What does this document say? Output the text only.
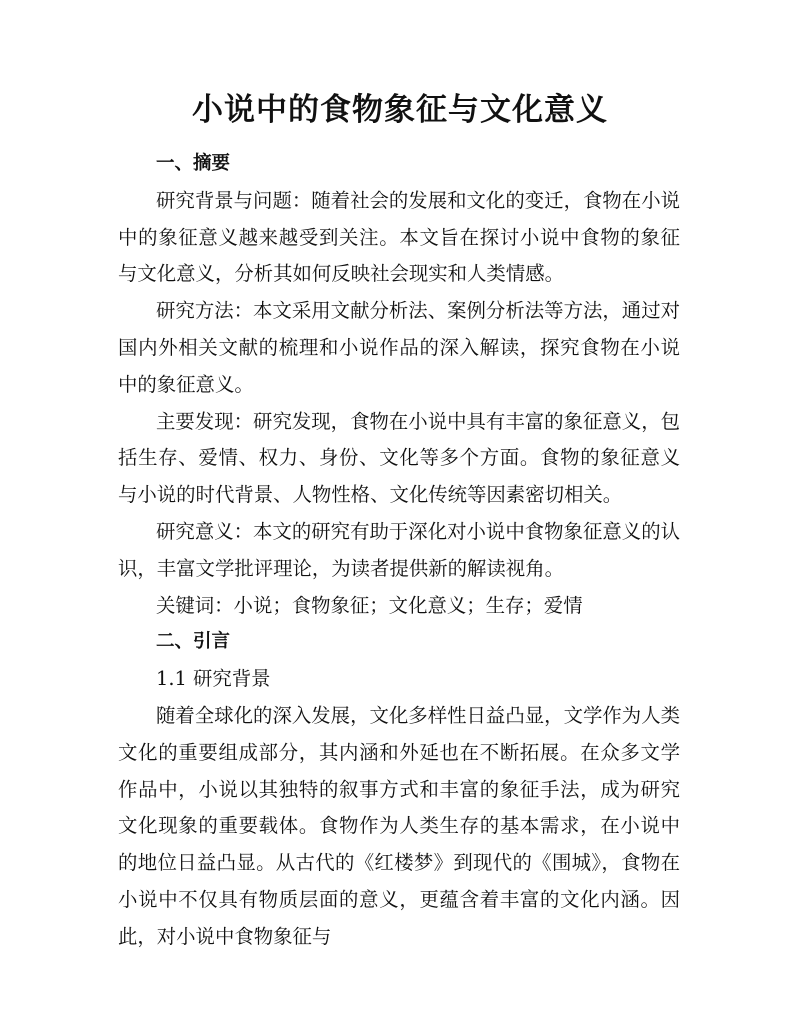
小说中的食物象征与文化意义

一、摘要

研究背景与问题：随着社会的发展和文化的变迁，食物在小说中的象征意义越来越受到关注。本文旨在探讨小说中食物的象征与文化意义，分析其如何反映社会现实和人类情感。

研究方法：本文采用文献分析法、案例分析法等方法，通过对国内外相关文献的梳理和小说作品的深入解读，探究食物在小说中的象征意义。

主要发现：研究发现，食物在小说中具有丰富的象征意义，包括生存、爱情、权力、身份、文化等多个方面。食物的象征意义与小说的时代背景、人物性格、文化传统等因素密切相关。

研究意义：本文的研究有助于深化对小说中食物象征意义的认识，丰富文学批评理论，为读者提供新的解读视角。

关键词：小说；食物象征；文化意义；生存；爱情

二、引言

1.1 研究背景

随着全球化的深入发展，文化多样性日益凸显，文学作为人类文化的重要组成部分，其内涵和外延也在不断拓展。在众多文学作品中，小说以其独特的叙事方式和丰富的象征手法，成为研究文化现象的重要载体。食物作为人类生存的基本需求，在小说中的地位日益凸显。从古代的《红楼梦》到现代的《围城》，食物在小说中不仅具有物质层面的意义，更蕴含着丰富的文化内涵。因此，对小说中食物象征与
